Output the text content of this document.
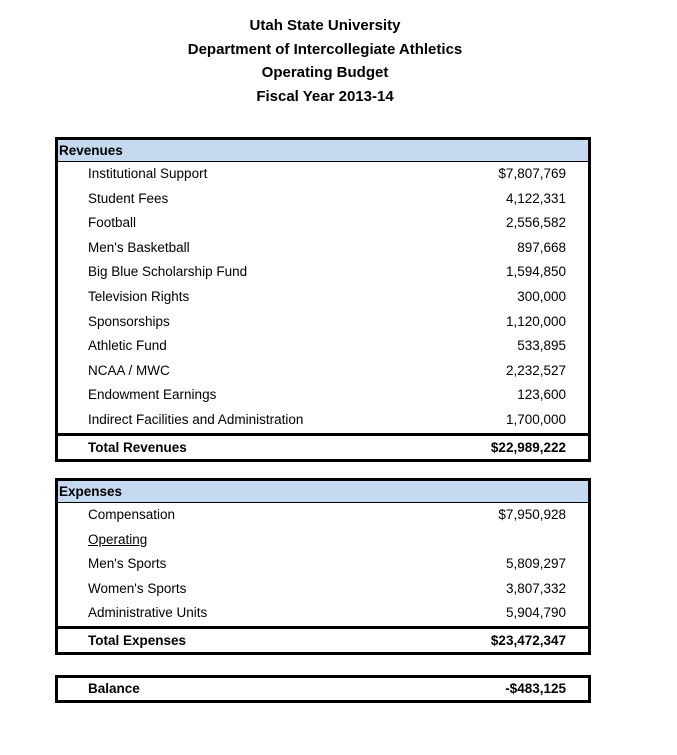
Utah State University
Department of Intercollegiate Athletics
Operating Budget
Fiscal Year 2013-14
Revenues
Institutional Support	$7,807,769
Student Fees	4,122,331
Football	2,556,582
Men's Basketball	897,668
Big Blue Scholarship Fund	1,594,850
Television Rights	300,000
Sponsorships	1,120,000
Athletic Fund	533,895
NCAA / MWC	2,232,527
Endowment Earnings	123,600
Indirect Facilities and Administration	1,700,000
Total Revenues	$22,989,222
Expenses
Compensation	$7,950,928
Operating
Men's Sports	5,809,297
Women's Sports	3,807,332
Administrative Units	5,904,790
Total Expenses	$23,472,347
Balance	-$483,125
